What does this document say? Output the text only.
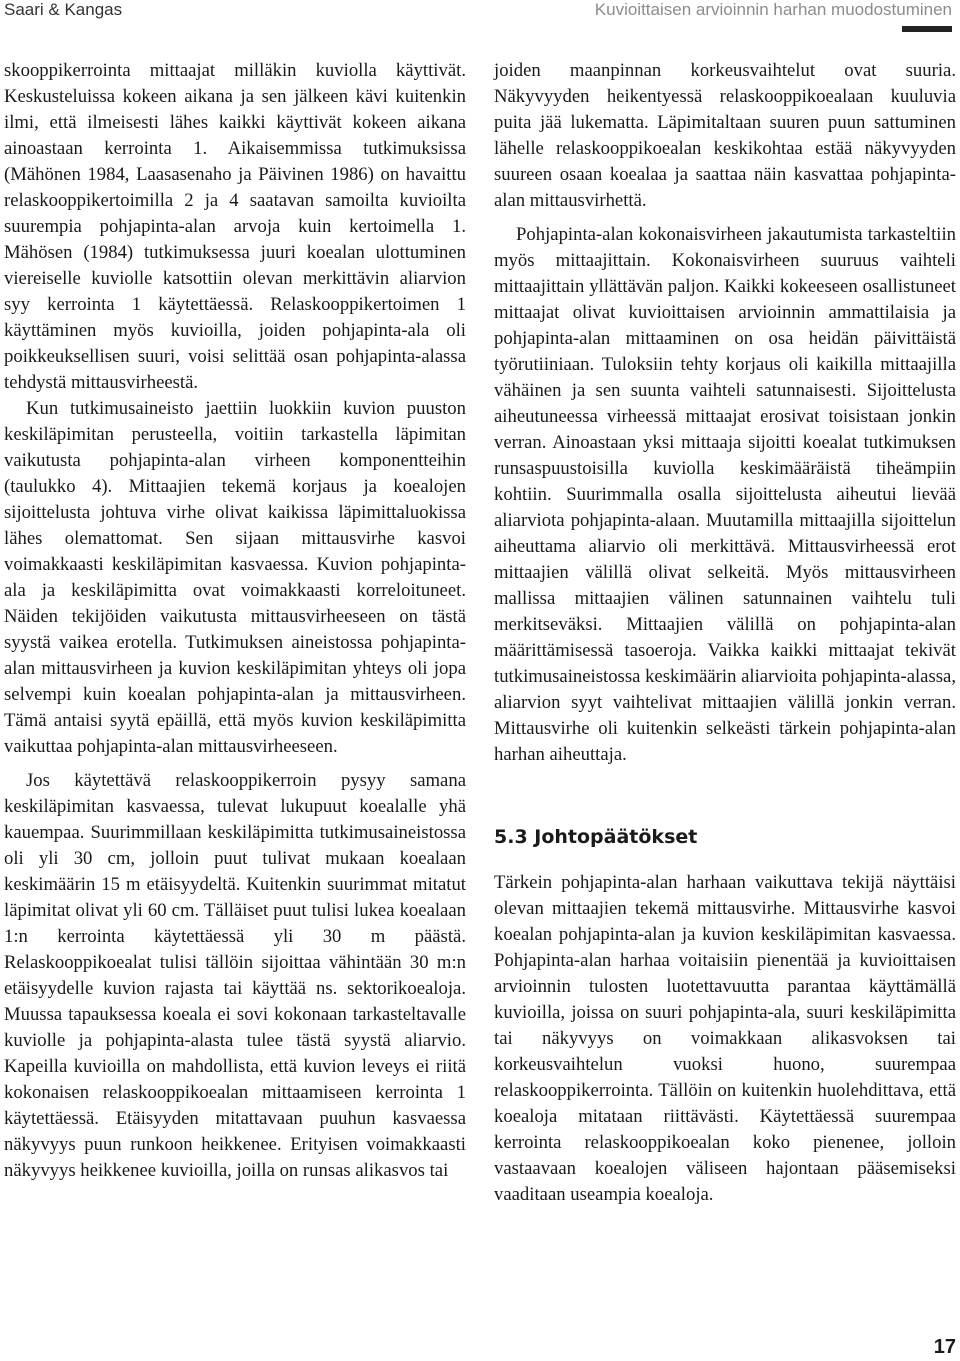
Saari & Kangas	Kuvioittaisen arvioinnin harhan muodostuminen

skooppikerrointa mittaajat milläkin kuviolla käyttivät. Keskusteluissa kokeen aikana ja sen jälkeen kävi kuitenkin ilmi, että ilmeisesti lähes kaikki käyttivät kokeen aikana ainoastaan kerrointa 1. Aikaisemmissa tutkimuksissa (Mähönen 1984, Laasasenaho ja Päivinen 1986) on havaittu relaskooppikertoimilla 2 ja 4 saatavan samoilta kuvioilta suurempia pohjapinta-alan arvoja kuin kertoimella 1. Mähösen (1984) tutkimuksessa juuri koealan ulottuminen viereiselle kuviolle katsottiin olevan merkittävin aliarvion syy kerrointa 1 käytettäessä. Relaskooppikertoimen 1 käyttäminen myös kuvioilla, joiden pohjapinta-ala oli poikkeuksellisen suuri, voisi selittää osan pohjapinta-alassa tehdystä mittausvirheestä.

Kun tutkimusaineisto jaettiin luokkiin kuvion puuston keskiläpimitan perusteella, voitiin tarkastella läpimitan vaikutusta pohjapinta-alan virheen komponentteihin (taulukko 4). Mittaajien tekemä korjaus ja koealojen sijoittelusta johtuva virhe olivat kaikissa läpimittaluokissa lähes olemattomat. Sen sijaan mittausvirhe kasvoi voimakkaasti keskiläpimitan kasvaessa. Kuvion pohjapinta-ala ja keskiläpimitta ovat voimakkaasti korreloituneet. Näiden tekijöiden vaikutusta mittausvirheeseen on tästä syystä vaikea erotella. Tutkimuksen aineistossa pohjapinta-alan mittausvirheen ja kuvion keskiläpimitan yhteys oli jopa selvempi kuin koealan pohjapinta-alan ja mittausvirheen. Tämä antaisi syytä epäillä, että myös kuvion keskiläpimitta vaikuttaa pohjapinta-alan mittausvirheeseen.

Jos käytettävä relaskooppikerroin pysyy samana keskiläpimitan kasvaessa, tulevat lukupuut koealalle yhä kauempaa. Suurimmillaan keskiläpimitta tutkimusaineistossa oli yli 30 cm, jolloin puut tulivat mukaan koealaan keskimäärin 15 m etäisyydeltä. Kuitenkin suurimmat mitatut läpimitat olivat yli 60 cm. Tälläiset puut tulisi lukea koealaan 1:n kerrointa käytettäessä yli 30 m päästä. Relaskooppikoealat tulisi tällöin sijoittaa vähintään 30 m:n etäisyydelle kuvion rajasta tai käyttää ns. sektorikoealoja. Muussa tapauksessa koeala ei sovi kokonaan tarkasteltavalle kuviolle ja pohjapinta-alasta tulee tästä syystä aliarvio. Kapeilla kuvioilla on mahdollista, että kuvion leveys ei riitä kokonaisen relaskooppikoealan mittaamiseen kerrointa 1 käytettäessä. Etäisyyden mitattavaan puuhun kasvaessa näkyvyys puun runkoon heikkenee. Erityisen voimakkaasti näkyvyys heikkenee kuvioilla, joilla on runsas alikasvos tai

joiden maanpinnan korkeusvaihtelut ovat suuria. Näkyvyyden heikentyessä relaskooppikoealaan kuuluvia puita jää lukematta. Läpimitaltaan suuren puun sattuminen lähelle relaskooppikoealan keskikohtaa estää näkyvyyden suureen osaan koealaa ja saattaa näin kasvattaa pohjapinta-alan mittausvirhettä.

Pohjapinta-alan kokonaisvirheen jakautumista tarkasteltiin myös mittaajittain. Kokonaisvirheen suuruus vaihteli mittaajittain yllättävän paljon. Kaikki kokeeseen osallistuneet mittaajat olivat kuvioittaisen arvioinnin ammattilaisia ja pohjapinta-alan mittaaminen on osa heidän päivittäistä työrutiiniaan. Tuloksiin tehty korjaus oli kaikilla mittaajilla vähäinen ja sen suunta vaihteli satunnaisesti. Sijoittelusta aiheutuneessa virheessä mittaajat erosivat toisistaan jonkin verran. Ainoastaan yksi mittaaja sijoitti koealat tutkimuksen runsaspuustoisilla kuviolla keskimääräistä tiheämpiin kohtiin. Suurimmalla osalla sijoittelusta aiheutui lievää aliarviota pohjapinta-alaan. Muutamilla mittaajilla sijoittelun aiheuttama aliarvio oli merkittävä. Mittausvirheessä erot mittaajien välillä olivat selkeitä. Myös mittausvirheen mallissa mittaajien välinen satunnainen vaihtelu tuli merkitseväksi. Mittaajien välillä on pohjapinta-alan määrittämisessä tasoeroja. Vaikka kaikki mittaajat tekivät tutkimusaineistossa keskimäärin aliarvioita pohjapinta-alassa, aliarvion syyt vaihtelivat mittaajien välillä jonkin verran. Mittausvirhe oli kuitenkin selkeästi tärkein pohjapinta-alan harhan aiheuttaja.

5.3 Johtopäätökset

Tärkein pohjapinta-alan harhaan vaikuttava tekijä näyttäisi olevan mittaajien tekemä mittausvirhe. Mittausvirhe kasvoi koealan pohjapinta-alan ja kuvion keskiläpimitan kasvaessa. Pohjapinta-alan harhaa voitaisiin pienentää ja kuvioittaisen arvioinnin tulosten luotettavuutta parantaa käyttämällä kuvioilla, joissa on suuri pohjapinta-ala, suuri keskiläpimitta tai näkyvyys on voimakkaan alikasvoksen tai korkeusvaihtelun vuoksi huono, suurempaa relaskooppikerrointa. Tällöin on kuitenkin huolehdittava, että koealoja mitataan riittävästi. Käytettäessä suurempaa kerrointa relaskooppikoealan koko pienenee, jolloin vastaavaan koealojen väliseen hajontaan pääsemiseksi vaaditaan useampia koealoja.

17
